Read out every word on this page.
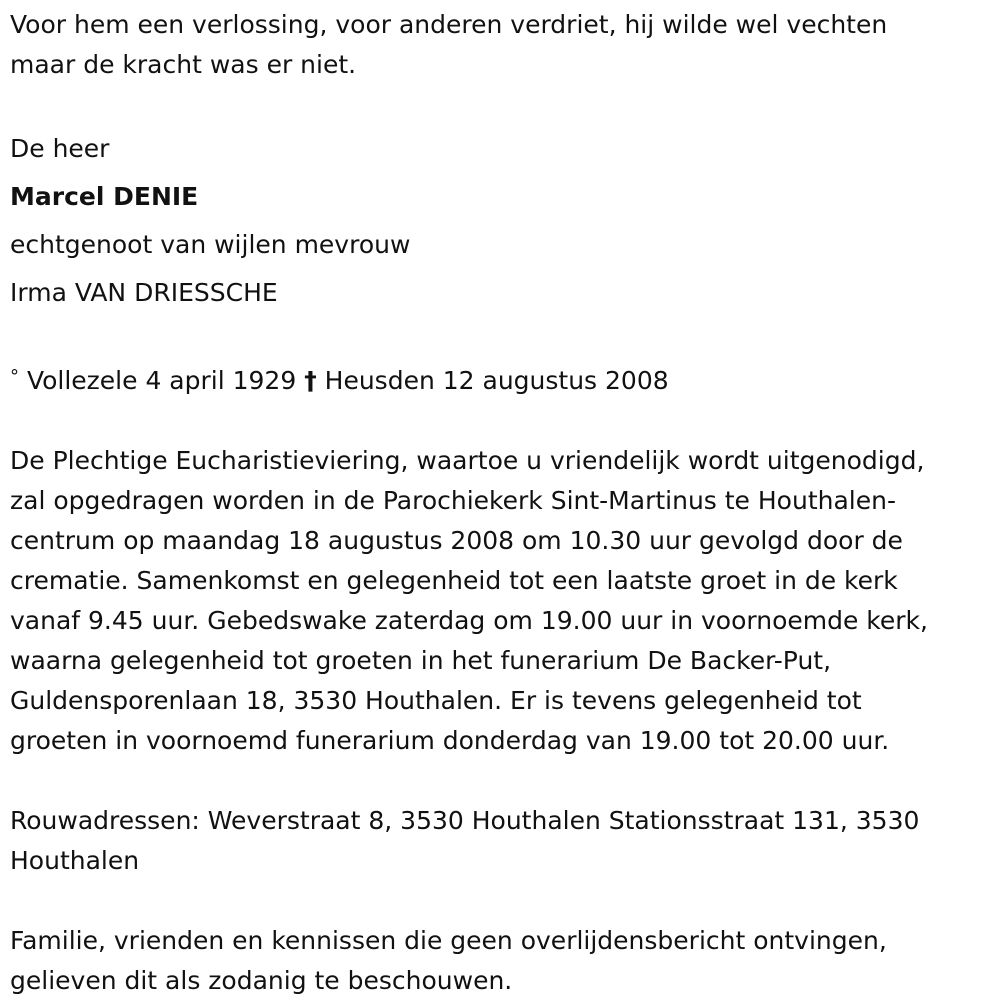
Voor hem een verlossing, voor anderen verdriet, hij wilde wel vechten

maar de kracht was er niet.

De heer

Marcel DENIE

echtgenoot van wijlen mevrouw

Irma VAN DRIESSCHE

° Vollezele 4 april 1929 † Heusden 12 augustus 2008

De Plechtige Eucharistieviering, waartoe u vriendelijk wordt uitgenodigd,

zal opgedragen worden in de Parochiekerk Sint-Martinus te Houthalen-

centrum op maandag 18 augustus 2008 om 10.30 uur gevolgd door de

crematie. Samenkomst en gelegenheid tot een laatste groet in de kerk

vanaf 9.45 uur. Gebedswake zaterdag om 19.00 uur in voornoemde kerk,

waarna gelegenheid tot groeten in het funerarium De Backer-Put,

Guldensporenlaan 18, 3530 Houthalen. Er is tevens gelegenheid tot

groeten in voornoemd funerarium donderdag van 19.00 tot 20.00 uur.

Rouwadressen: Weverstraat 8, 3530 Houthalen Stationsstraat 131, 3530

Houthalen

Familie, vrienden en kennissen die geen overlijdensbericht ontvingen,

gelieven dit als zodanig te beschouwen.
